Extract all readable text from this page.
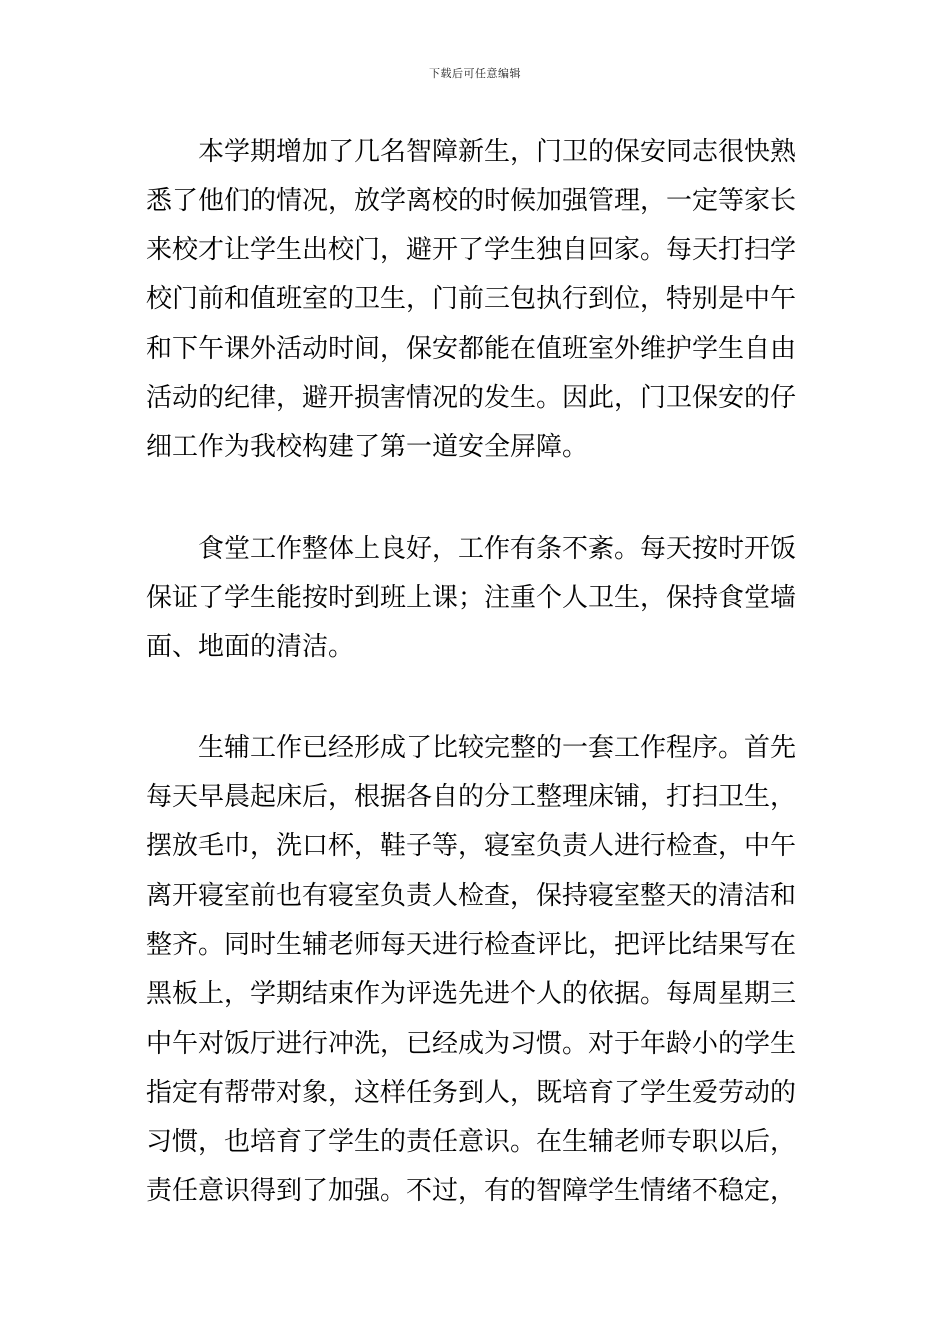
下载后可任意编辑
本学期增加了几名智障新生，门卫的保安同志很快熟
悉了他们的情况，放学离校的时候加强管理，一定等家长
来校才让学生出校门，避开了学生独自回家。每天打扫学
校门前和值班室的卫生，门前三包执行到位，特别是中午
和下午课外活动时间，保安都能在值班室外维护学生自由
活动的纪律，避开损害情况的发生。因此，门卫保安的仔
细工作为我校构建了第一道安全屏障。
食堂工作整体上良好，工作有条不紊。每天按时开饭
保证了学生能按时到班上课；注重个人卫生，保持食堂墙
面、地面的清洁。
生辅工作已经形成了比较完整的一套工作程序。首先
每天早晨起床后，根据各自的分工整理床铺，打扫卫生，
摆放毛巾，洗口杯，鞋子等，寝室负责人进行检查，中午
离开寝室前也有寝室负责人检查，保持寝室整天的清洁和
整齐。同时生辅老师每天进行检查评比，把评比结果写在
黑板上，学期结束作为评选先进个人的依据。每周星期三
中午对饭厅进行冲洗，已经成为习惯。对于年龄小的学生
指定有帮带对象，这样任务到人，既培育了学生爱劳动的
习惯，也培育了学生的责任意识。在生辅老师专职以后，
责任意识得到了加强。不过，有的智障学生情绪不稳定，
